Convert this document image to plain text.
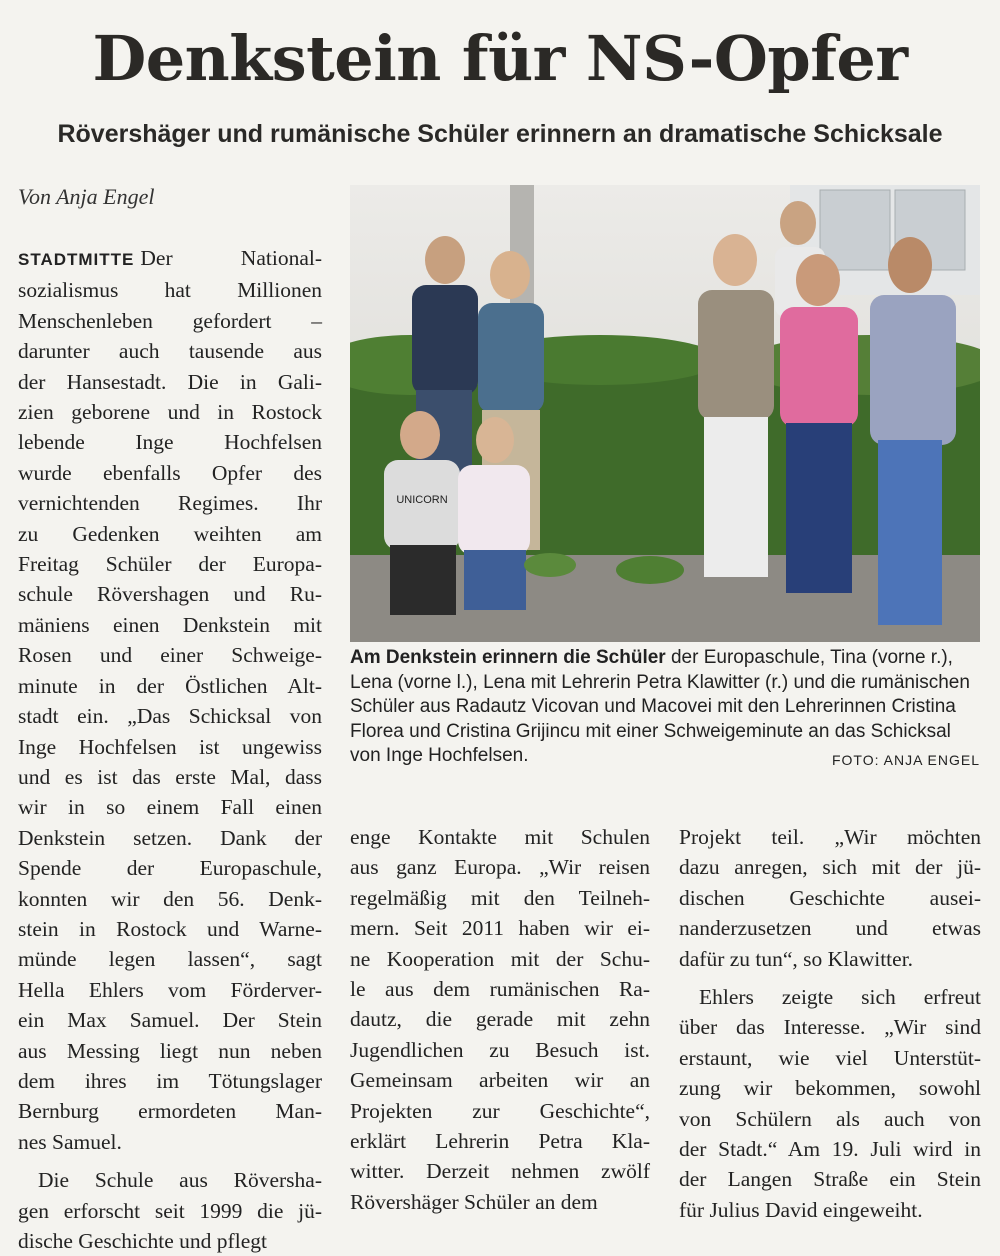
Denkstein für NS-Opfer
Rövershäger und rumänische Schüler erinnern an dramatische Schicksale
Von Anja Engel
STADTMITTE Der National-
sozialismus hat Millionen
Menschenleben gefordert –
darunter auch tausende aus
der Hansestadt. Die in Gali-
zien geborene und in Rostock
lebende Inge Hochfelsen
wurde ebenfalls Opfer des
vernichtenden Regimes. Ihr
zu Gedenken weihten am
Freitag Schüler der Europa-
schule Rövershagen und Ru-
mäniens einen Denkstein mit
Rosen und einer Schweige-
minute in der Östlichen Alt-
stadt ein. „Das Schicksal von
Inge Hochfelsen ist ungewiss
und es ist das erste Mal, dass
wir in so einem Fall einen
Denkstein setzen. Dank der
Spende der Europaschule,
konnten wir den 56. Denk-
stein in Rostock und Warne-
münde legen lassen“, sagt
Hella Ehlers vom Förderver-
ein Max Samuel. Der Stein
aus Messing liegt nun neben
dem ihres im Tötungslager
Bernburg ermordeten Man-
nes Samuel.
Die Schule aus Röversha-
gen erforscht seit 1999 die jü-
dische Geschichte und pflegt
UNICORN
Am Denkstein erinnern die Schüler der Europaschule, Tina (vorne r.), Lena (vorne l.), Lena mit Lehrerin Petra Klawitter (r.) und die rumänischen Schüler aus Radautz Vicovan und Macovei mit den Lehrerinnen Cristina Florea und Cristina Grijincu mit einer Schweigeminute an das Schicksal von Inge Hochfelsen.	FOTO: ANJA ENGEL
enge Kontakte mit Schulen
aus ganz Europa. „Wir reisen
regelmäßig mit den Teilneh-
mern. Seit 2011 haben wir ei-
ne Kooperation mit der Schu-
le aus dem rumänischen Ra-
dautz, die gerade mit zehn
Jugendlichen zu Besuch ist.
Gemeinsam arbeiten wir an
Projekten zur Geschichte“,
erklärt Lehrerin Petra Kla-
witter. Derzeit nehmen zwölf
Rövershäger Schüler an dem
Projekt teil. „Wir möchten
dazu anregen, sich mit der jü-
dischen Geschichte ausei-
nanderzusetzen und etwas
dafür zu tun“, so Klawitter.
Ehlers zeigte sich erfreut
über das Interesse. „Wir sind
erstaunt, wie viel Unterstüt-
zung wir bekommen, sowohl
von Schülern als auch von
der Stadt.“ Am 19. Juli wird in
der Langen Straße ein Stein
für Julius David eingeweiht.
